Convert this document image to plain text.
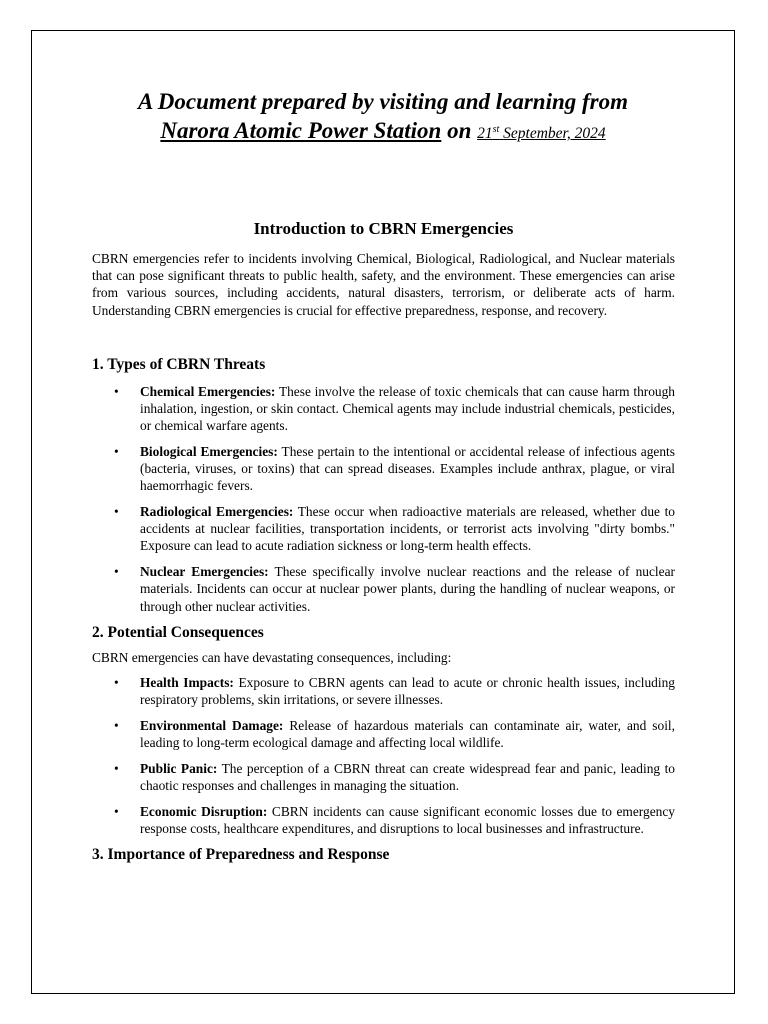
A Document prepared by visiting and learning from
Narora Atomic Power Station on 21st September, 2024
Introduction to CBRN Emergencies

CBRN emergencies refer to incidents involving Chemical, Biological, Radiological, and Nuclear materials that can pose significant threats to public health, safety, and the environment. These emergencies can arise from various sources, including accidents, natural disasters, terrorism, or deliberate acts of harm. Understanding CBRN emergencies is crucial for effective preparedness, response, and recovery.

1. Types of CBRN Threats
• Chemical Emergencies: These involve the release of toxic chemicals that can cause harm through inhalation, ingestion, or skin contact. Chemical agents may include industrial chemicals, pesticides, or chemical warfare agents.
• Biological Emergencies: These pertain to the intentional or accidental release of infectious agents (bacteria, viruses, or toxins) that can spread diseases. Examples include anthrax, plague, or viral haemorrhagic fevers.
• Radiological Emergencies: These occur when radioactive materials are released, whether due to accidents at nuclear facilities, transportation incidents, or terrorist acts involving "dirty bombs." Exposure can lead to acute radiation sickness or long-term health effects.
• Nuclear Emergencies: These specifically involve nuclear reactions and the release of nuclear materials. Incidents can occur at nuclear power plants, during the handling of nuclear weapons, or through other nuclear activities.
2. Potential Consequences

CBRN emergencies can have devastating consequences, including:

• Health Impacts: Exposure to CBRN agents can lead to acute or chronic health issues, including respiratory problems, skin irritations, or severe illnesses.
• Environmental Damage: Release of hazardous materials can contaminate air, water, and soil, leading to long-term ecological damage and affecting local wildlife.
• Public Panic: The perception of a CBRN threat can create widespread fear and panic, leading to chaotic responses and challenges in managing the situation.
• Economic Disruption: CBRN incidents can cause significant economic losses due to emergency response costs, healthcare expenditures, and disruptions to local businesses and infrastructure.
3. Importance of Preparedness and Response
